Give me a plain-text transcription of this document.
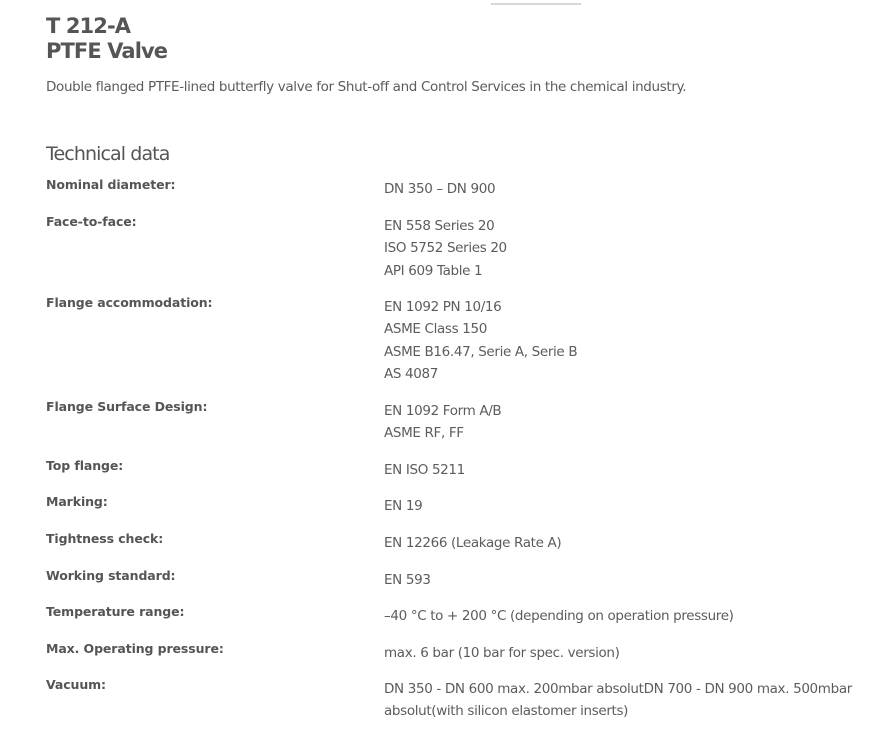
T 212-A
PTFE Valve

Double flanged PTFE-lined butterfly valve for Shut-off and Control Services in the chemical industry.

Technical data
Nominal diameter:	DN 350 – DN 900
Face-to-face:	EN 558 Series 20
ISO 5752 Series 20
API 609 Table 1
Flange accommodation:	EN 1092 PN 10/16
ASME Class 150
ASME B16.47, Serie A, Serie B
AS 4087
Flange Surface Design:	EN 1092 Form A/B
ASME RF, FF
Top flange:	EN ISO 5211
Marking:	EN 19
Tightness check:	EN 12266 (Leakage Rate A)
Working standard:	EN 593
Temperature range:	–40 °C to + 200 °C (depending on operation pressure)
Max. Operating pressure:	max. 6 bar (10 bar for spec. version)
Vacuum:	DN 350 - DN 600 max. 200mbar absolutDN 700 - DN 900 max. 500mbar
absolut(with silicon elastomer inserts)
